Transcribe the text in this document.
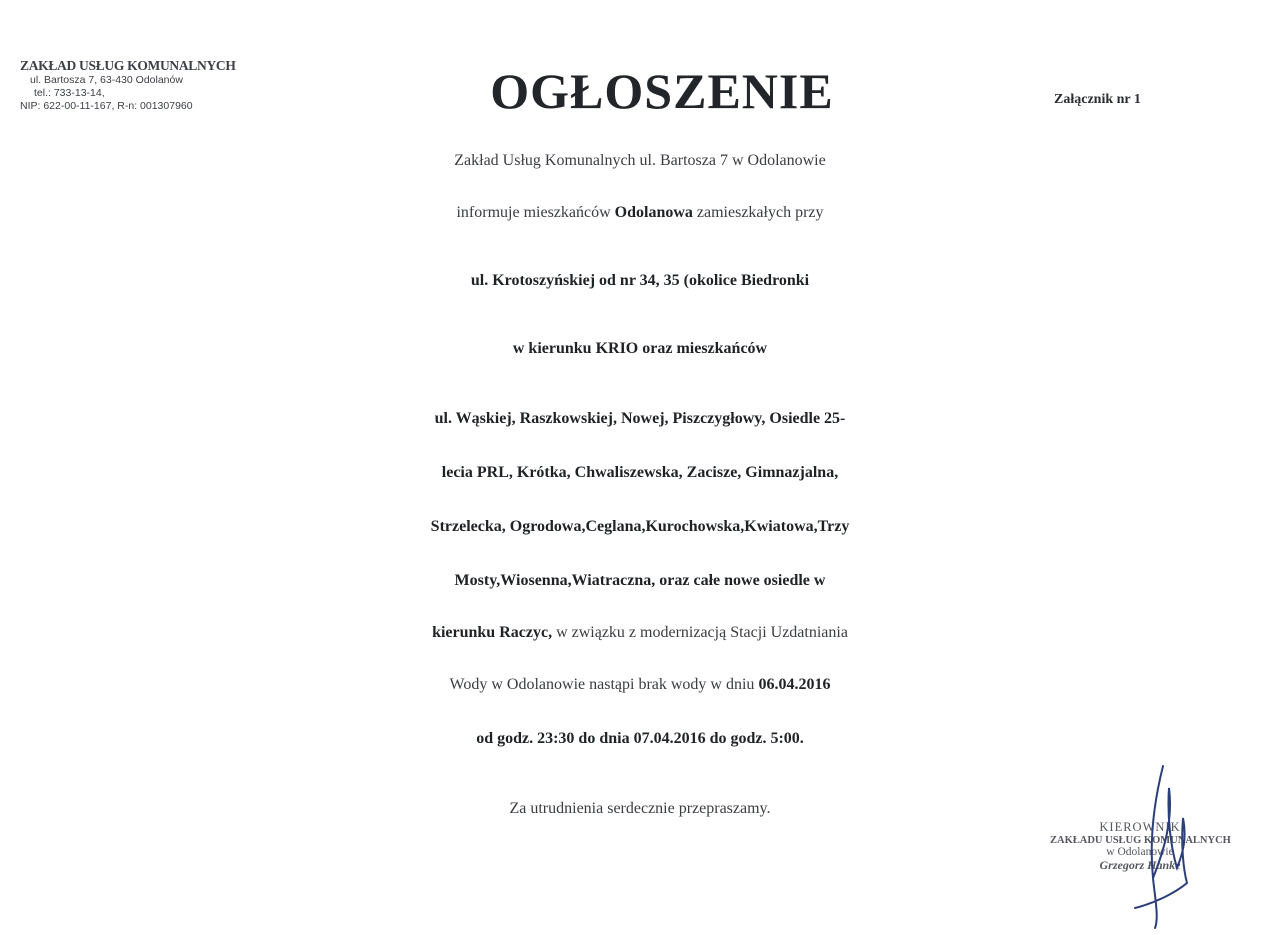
ZAKŁAD USŁUG KOMUNALNYCH
ul. Bartosza 7, 63-430 Odolanów
tel.: 733-13-14,
NIP: 622-00-11-167, R-n: 001307960	OGŁOSZENIE	Załącznik nr 1
Zakład Usług Komunalnych ul. Bartosza 7 w Odolanowie
informuje mieszkańców Odolanowa zamieszkałych przy
ul. Krotoszyńskiej od nr 34, 35 (okolice Biedronki
w kierunku KRIO oraz mieszkańców
ul. Wąskiej, Raszkowskiej, Nowej, Piszczygłowy, Osiedle 25-
lecia PRL, Krótka, Chwaliszewska, Zacisze, Gimnazjalna,
Strzelecka, Ogrodowa,Ceglana,Kurochowska,Kwiatowa,Trzy
Mosty,Wiosenna,Wiatraczna, oraz całe nowe osiedle w
kierunku Raczyc, w związku z modernizacją Stacji Uzdatniania
Wody w Odolanowie nastąpi brak wody w dniu 06.04.2016
od godz. 23:30 do dnia 07.04.2016 do godz. 5:00.
Za utrudnienia serdecznie przepraszamy.
KIEROWNIK
ZAKŁADU USŁUG KOMUNALNYCH
w Odolanowie
Grzegorz Hanke
